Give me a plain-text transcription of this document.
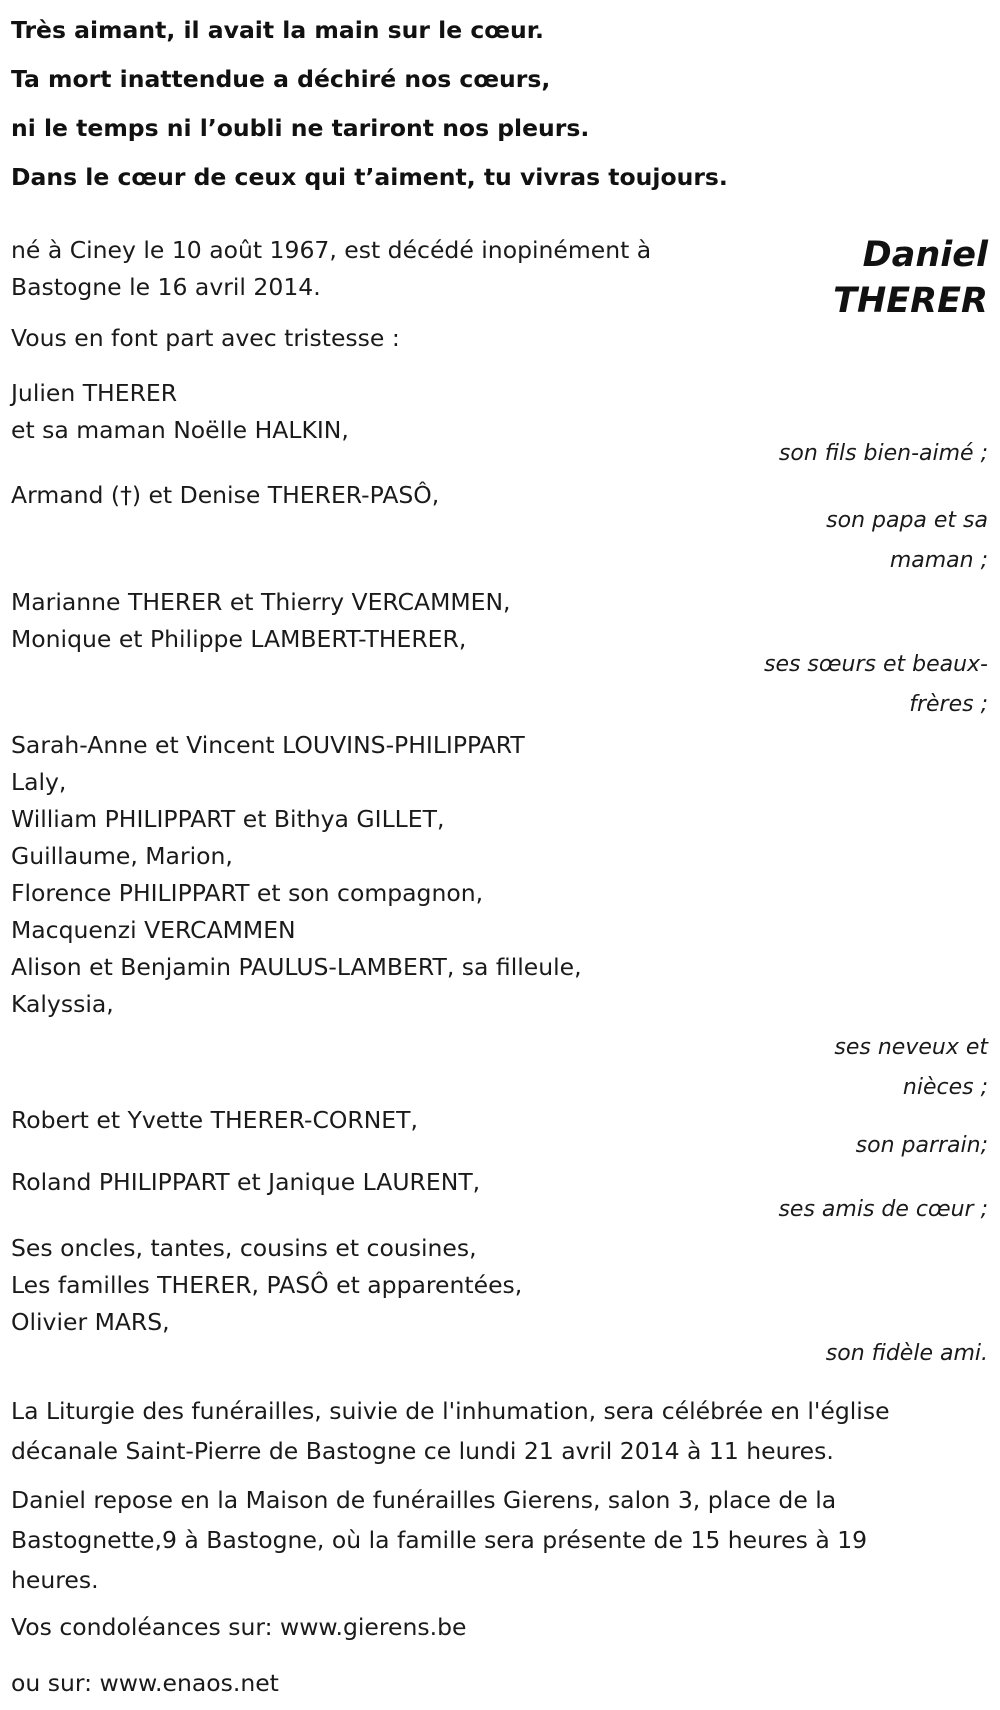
Très aimant, il avait la main sur le cœur.
Ta mort inattendue a déchiré nos cœurs,
ni le temps ni l’oubli ne tariront nos pleurs.
Dans le cœur de ceux qui t’aiment, tu vivras toujours.
Daniel
THERER
né à Ciney le 10 août 1967, est décédé inopinément à
Bastogne le 16 avril 2014.
Vous en font part avec tristesse :
Julien THERER
et sa maman Noëlle HALKIN,
son fils bien-aimé ;
Armand (†) et Denise THERER-PASÔ,
son papa et sa
maman ;
Marianne THERER et Thierry VERCAMMEN,
Monique et Philippe LAMBERT-THERER,
ses sœurs et beaux-
frères ;
Sarah-Anne et Vincent LOUVINS-PHILIPPART
Laly,
William PHILIPPART et Bithya GILLET,
Guillaume, Marion,
Florence PHILIPPART et son compagnon,
Macquenzi VERCAMMEN
Alison et Benjamin PAULUS-LAMBERT, sa filleule,
Kalyssia,
ses neveux et
nièces ;
Robert et Yvette THERER-CORNET,
son parrain;
Roland PHILIPPART et Janique LAURENT,
ses amis de cœur ;
Ses oncles, tantes, cousins et cousines,
Les familles THERER, PASÔ et apparentées,
Olivier MARS,
son fidèle ami.
La Liturgie des funérailles, suivie de l'inhumation, sera célébrée en l'église
décanale Saint-Pierre de Bastogne ce lundi 21 avril 2014 à 11 heures.
Daniel repose en la Maison de funérailles Gierens, salon 3, place de la
Bastognette,9 à Bastogne, où la famille sera présente de 15 heures à 19
heures.
Vos condoléances sur: www.gierens.be
ou sur: www.enaos.net
